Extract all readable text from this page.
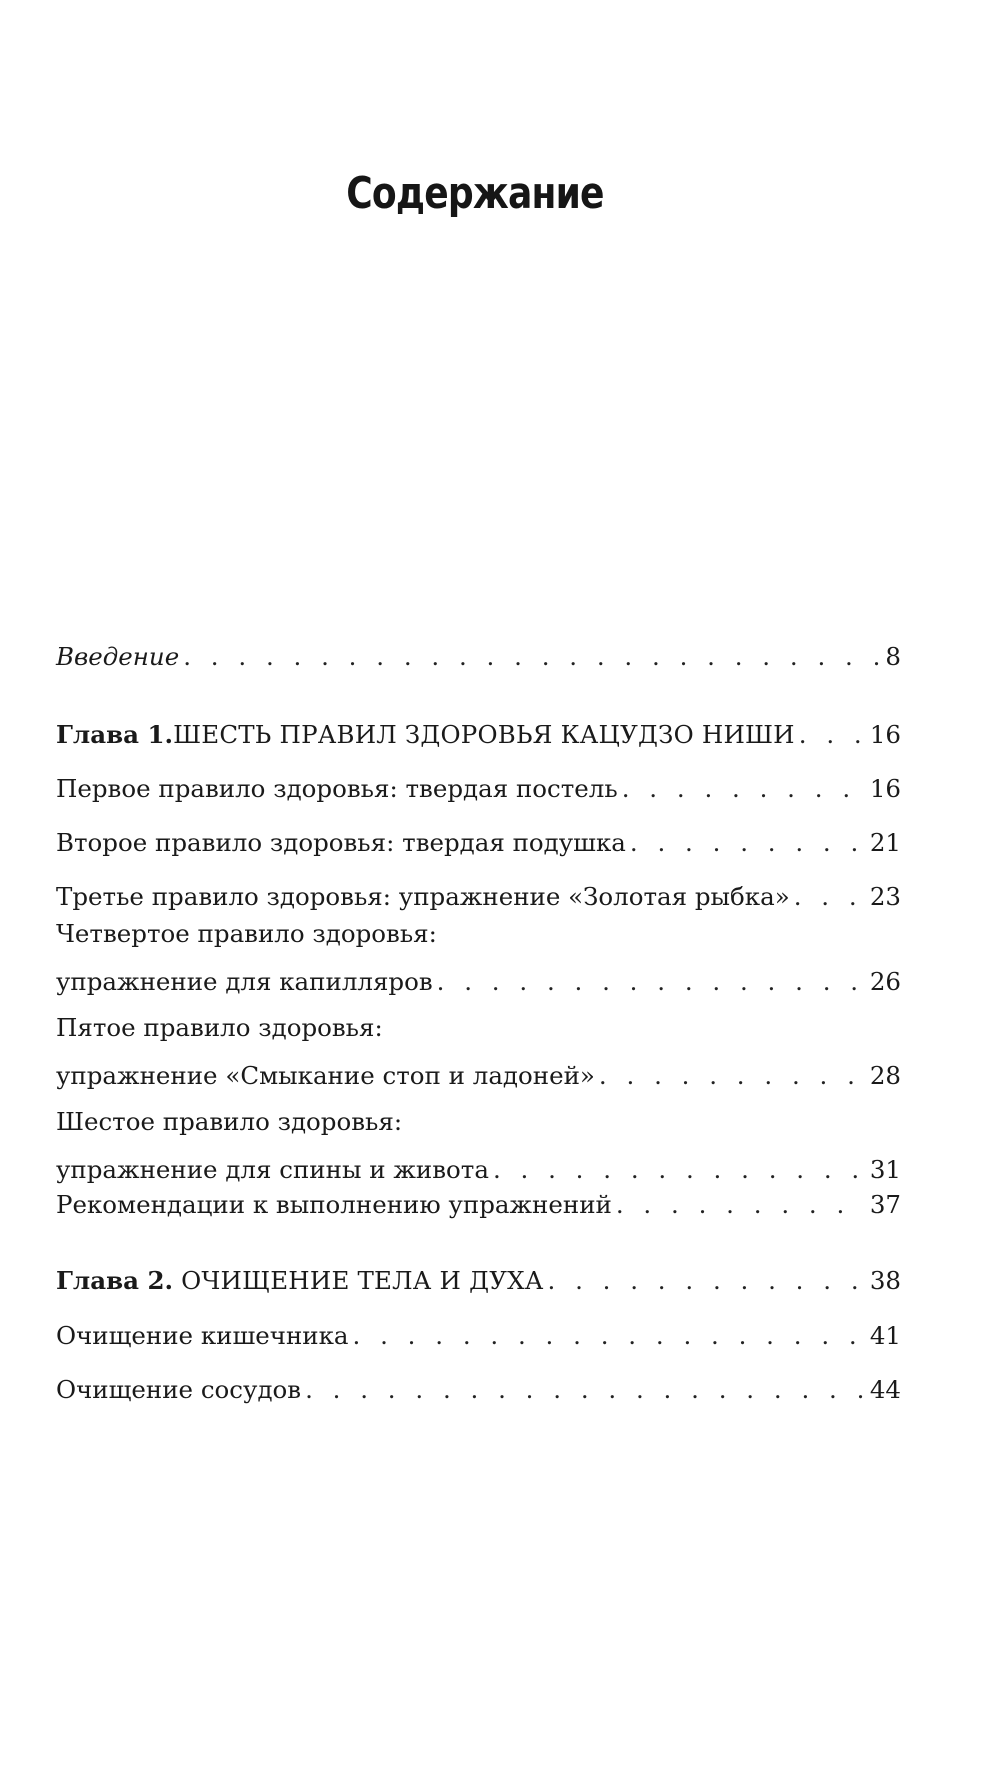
Содержание
Введение . . .	8
Глава 1. ШЕСТЬ ПРАВИЛ ЗДОРОВЬЯ КАЦУДЗО НИШИ . . .	16
Первое правило здоровья: твердая постель . . .	16
Второе правило здоровья: твердая подушка . . .	21
Третье правило здоровья: упражнение «Золотая рыбка» . . .	23
Четвертое правило здоровья:
упражнение для капилляров . . .	26
Пятое правило здоровья:
упражнение «Смыкание стоп и ладоней» . . .	28
Шестое правило здоровья:
упражнение для спины и живота . . .	31
Рекомендации к выполнению упражнений . . .	37
Глава 2. ОЧИЩЕНИЕ ТЕЛА И ДУХА . . .	38
Очищение кишечника . . .	41
Очищение сосудов . . .	44
